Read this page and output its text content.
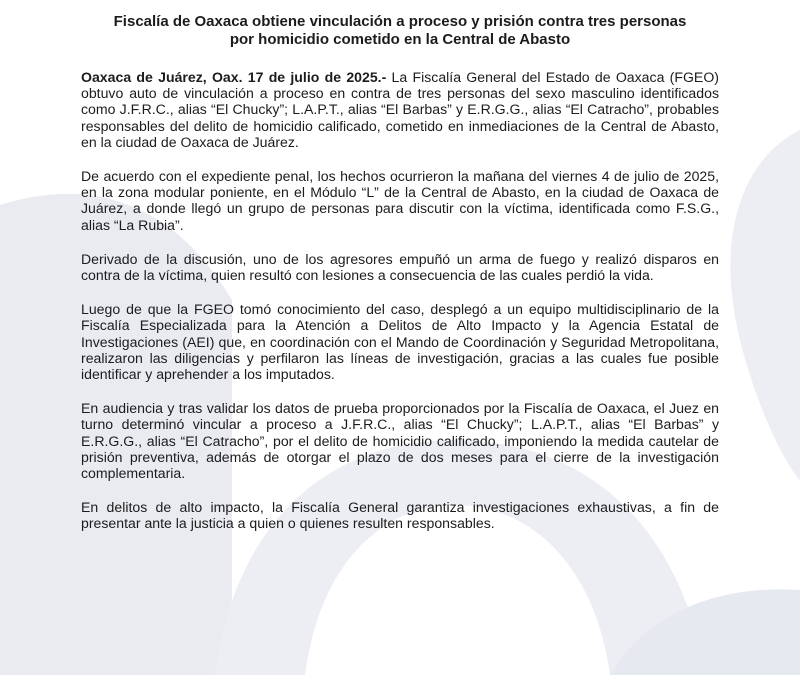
Fiscalía de Oaxaca obtiene vinculación a proceso y prisión contra tres personas por homicidio cometido en la Central de Abasto

Oaxaca de Juárez, Oax. 17 de julio de 2025.- La Fiscalía General del Estado de Oaxaca (FGEO) obtuvo auto de vinculación a proceso en contra de tres personas del sexo masculino identificados como J.F.R.C., alias “El Chucky”; L.A.P.T., alias “El Barbas” y E.R.G.G., alias “El Catracho”, probables responsables del delito de homicidio calificado, cometido en inmediaciones de la Central de Abasto, en la ciudad de Oaxaca de Juárez.

De acuerdo con el expediente penal, los hechos ocurrieron la mañana del viernes 4 de julio de 2025, en la zona modular poniente, en el Módulo “L” de la Central de Abasto, en la ciudad de Oaxaca de Juárez, a donde llegó un grupo de personas para discutir con la víctima, identificada como F.S.G., alias “La Rubia”.

Derivado de la discusión, uno de los agresores empuñó un arma de fuego y realizó disparos en contra de la víctima, quien resultó con lesiones a consecuencia de las cuales perdió la vida.

Luego de que la FGEO tomó conocimiento del caso, desplegó a un equipo multidisciplinario de la Fiscalía Especializada para la Atención a Delitos de Alto Impacto y la Agencia Estatal de Investigaciones (AEI) que, en coordinación con el Mando de Coordinación y Seguridad Metropolitana, realizaron las diligencias y perfilaron las líneas de investigación, gracias a las cuales fue posible identificar y aprehender a los imputados.

En audiencia y tras validar los datos de prueba proporcionados por la Fiscalía de Oaxaca, el Juez en turno determinó vincular a proceso a J.F.R.C., alias “El Chucky”; L.A.P.T., alias “El Barbas” y E.R.G.G., alias “El Catracho”, por el delito de homicidio calificado, imponiendo la medida cautelar de prisión preventiva, además de otorgar el plazo de dos meses para el cierre de la investigación complementaria.

En delitos de alto impacto, la Fiscalía General garantiza investigaciones exhaustivas, a fin de presentar ante la justicia a quien o quienes resulten responsables.
